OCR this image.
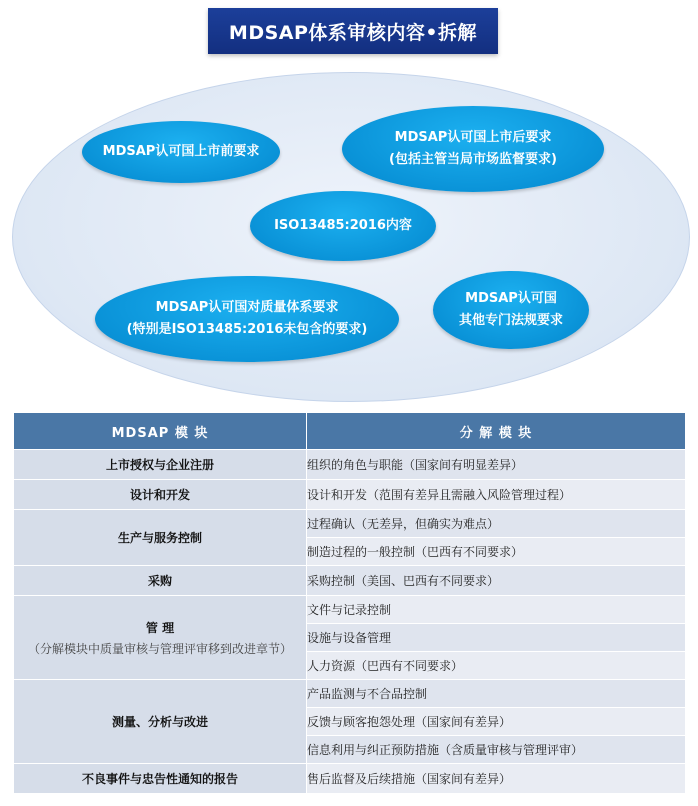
MDSAP体系审核内容•拆解
MDSAP认可国上市前要求
MDSAP认可国上市后要求
(包括主管当局市场监督要求)
ISO13485:2016内容
MDSAP认可国对质量体系要求
(特别是ISO13485:2016未包含的要求)
MDSAP认可国
其他专门法规要求
MDSAP 模 块	分 解 模 块
上市授权与企业注册	组织的角色与职能（国家间有明显差异）
设计和开发	设计和开发（范围有差异且需融入风险管理过程）
生产与服务控制	过程确认（无差异，但确实为难点）
	制造过程的一般控制（巴西有不同要求）
采购	采购控制（美国、巴西有不同要求）
管 理
（分解模块中质量审核与管理评审移到改进章节）	文件与记录控制
	设施与设备管理
	人力资源（巴西有不同要求）
测量、分析与改进	产品监测与不合品控制
	反馈与顾客抱怨处理（国家间有差异）
	信息利用与纠正预防措施（含质量审核与管理评审）
不良事件与忠告性通知的报告	售后监督及后续措施（国家间有差异）
